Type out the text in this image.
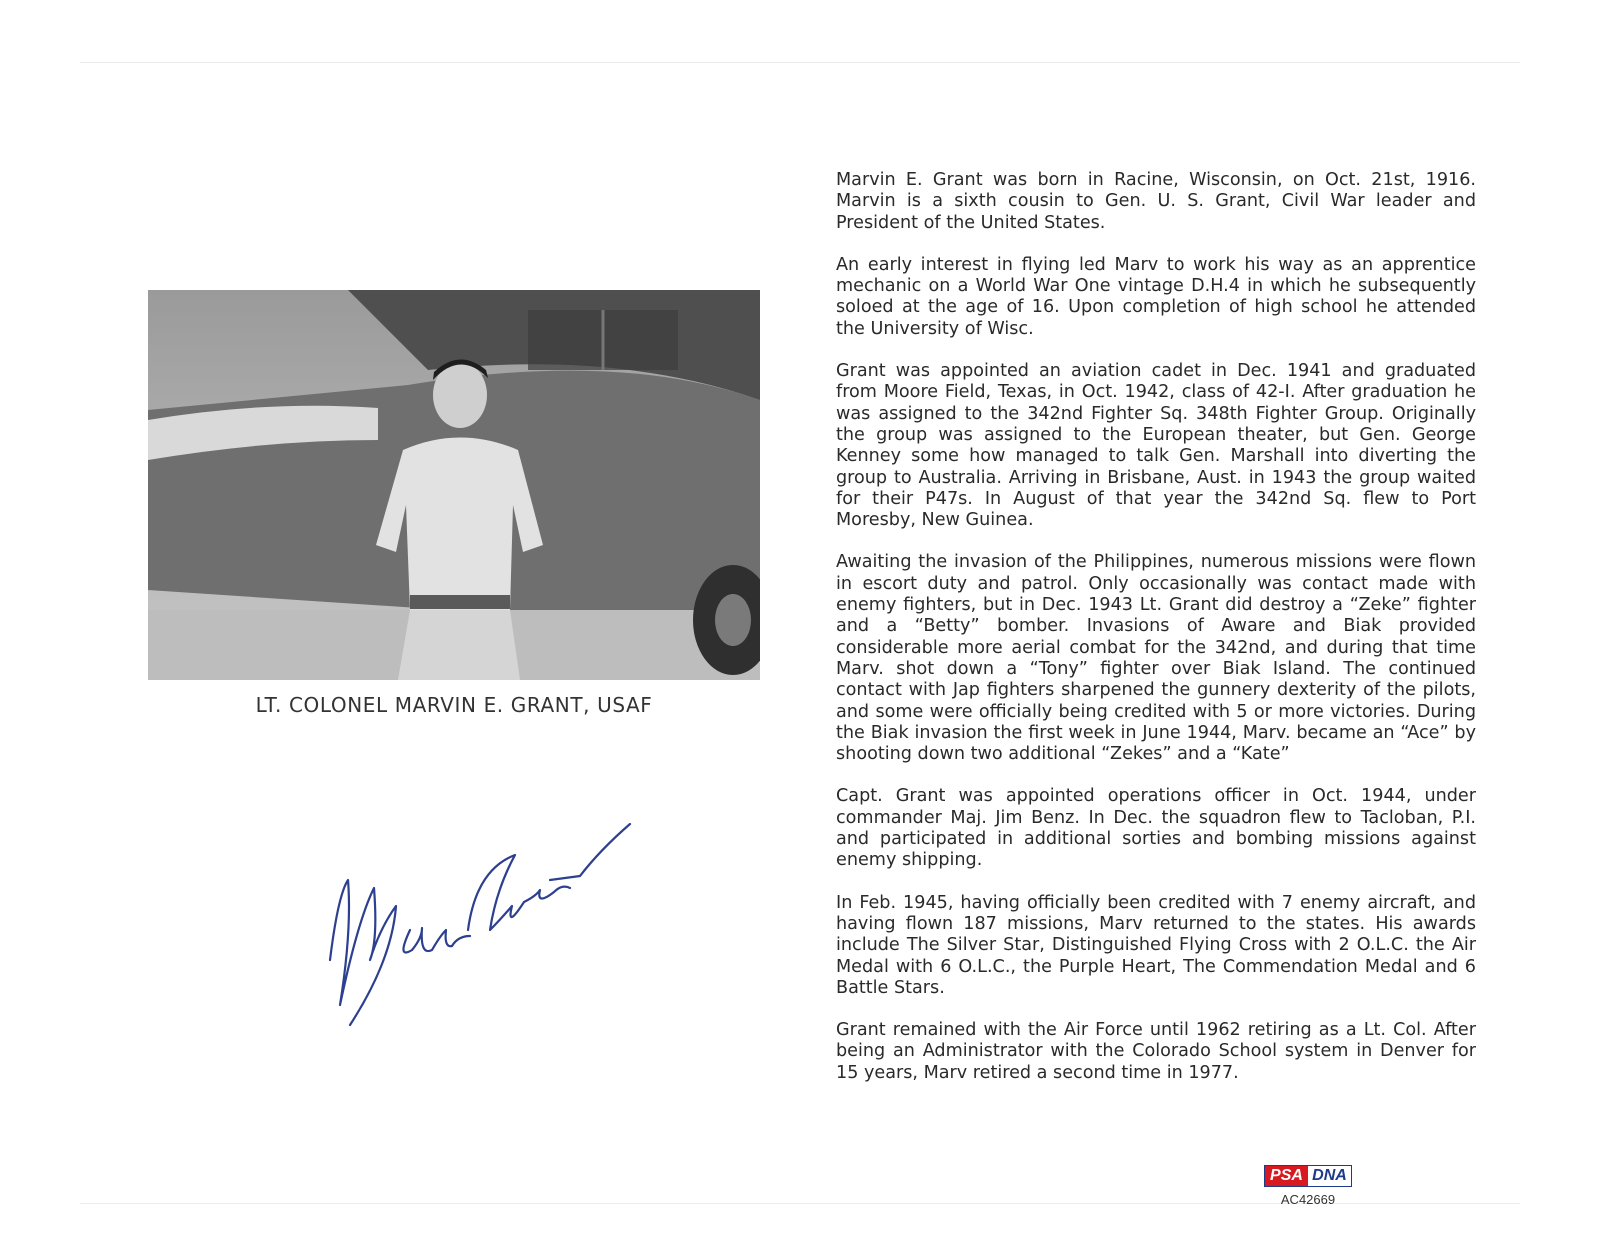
LT. COLONEL MARVIN E. GRANT, USAF

Marvin E. Grant was born in Racine, Wisconsin, on Oct. 21st, 1916. Marvin is a sixth cousin to Gen. U. S. Grant, Civil War leader and President of the United States.

An early interest in flying led Marv to work his way as an apprentice mechanic on a World War One vintage D.H.4 in which he subsequently soloed at the age of 16. Upon completion of high school he attended the University of Wisc.

Grant was appointed an aviation cadet in Dec. 1941 and graduated from Moore Field, Texas, in Oct. 1942, class of 42-I. After graduation he was assigned to the 342nd Fighter Sq. 348th Fighter Group. Originally the group was assigned to the European theater, but Gen. George Kenney some how managed to talk Gen. Marshall into diverting the group to Australia. Arriving in Brisbane, Aust. in 1943 the group waited for their P47s. In August of that year the 342nd Sq. flew to Port Moresby, New Guinea.

Awaiting the invasion of the Philippines, numerous missions were flown in escort duty and patrol. Only occasionally was contact made with enemy fighters, but in Dec. 1943 Lt. Grant did destroy a “Zeke” fighter and a “Betty” bomber. Invasions of Aware and Biak provided considerable more aerial combat for the 342nd, and during that time Marv. shot down a “Tony” fighter over Biak Island. The continued contact with Jap fighters sharpened the gunnery dexterity of the pilots, and some were officially being credited with 5 or more victories. During the Biak invasion the first week in June 1944, Marv. became an “Ace” by shooting down two additional “Zekes” and a “Kate”

Capt. Grant was appointed operations officer in Oct. 1944, under commander Maj. Jim Benz. In Dec. the squadron flew to Tacloban, P.I. and participated in additional sorties and bombing missions against enemy shipping.

In Feb. 1945, having officially been credited with 7 enemy aircraft, and having flown 187 missions, Marv returned to the states. His awards include The Silver Star, Distinguished Flying Cross with 2 O.L.C. the Air Medal with 6 O.L.C., the Purple Heart, The Commendation Medal and 6 Battle Stars.

Grant remained with the Air Force until 1962 retiring as a Lt. Col. After being an Administrator with the Colorado School system in Denver for 15 years, Marv retired a second time in 1977.

PSA DNA
AC42669
